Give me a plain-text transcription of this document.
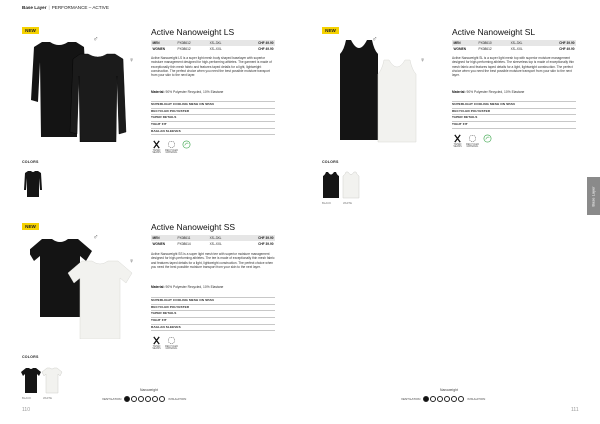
Base Layer | PERFORMANCE – ACTIVE
NEW
♂
♀
Active Nanoweight LS
MEN	PX08612	XS–3XL	CHF 49.90
WOMEN	PX08612	XS–XXL	CHF 49.90
Active Nanoweight LS is a super light mesh body shaped baselayer with superior moisture management designed for high-performing athletes. The garment is made of exceptionally thin mesh fabric and features taped details for a light, lightweight construction. The perfect choice when you need the best possible moisture transport from your skin to the next layer.
Material: 90% Polyester Recycled, 10% Elastane
SUPERLIGHT COOLING MESH ON SPAN
RECYCLED POLYESTER
TAPER DETAILS
TIGHT FIT
RAGLAN SLEEVES
TAPED
SEAMS
RECYCLED
MATERIAL
COLORS
NEW
♂
♀
Active Nanoweight SL
MEN	PX08610	XS–3XL	CHF 39.90
WOMEN	PX08612	XS–XXL	CHF 49.90
Active Nanoweight SL is a super light mesh top with superior moisture management designed for high-performing athletes. The sleeveless top is made of exceptionally thin mesh fabric and features taped details for a light, lightweight construction. The perfect choice when you need the best possible moisture transport from your skin to the next layer.
Material: 90% Polyester Recycled, 10% Elastane
SUPERLIGHT COOLING MESH ON SPAN
RECYCLED POLYESTER
TAPER DETAILS
TIGHT FIT
TAPED
SEAMS
RECYCLED
MATERIAL
COLORS
BLACK	WHITE
NEW
♂
♀
Active Nanoweight SS
MEN	PX08611	XS–3XL	CHF 39.90
WOMEN	PX08614	XS–XXL	CHF 39.90
Active Nanoweight SS is a super light mesh tee with superior moisture management designed for high-performing athletes. The tee is made of exceptionally thin mesh fabric and features taped details for a light, lightweight construction. The perfect choice when you need the best possible moisture transport from your skin to the next layer.
Material: 90% Polyester Recycled, 10% Elastane
SUPERLIGHT COOLING MESH ON SPAN
RECYCLED POLYESTER
TAPER DETAILS
TIGHT FIT
RAGLAN SLEEVES
TAPED
SEAMS
RECYCLED
MATERIAL
COLORS
BLACK	WHITE
Nanoweight
VENTILATION	INSULATION
Nanoweight
VENTILATION	INSULATION
110	111
Base Layer
